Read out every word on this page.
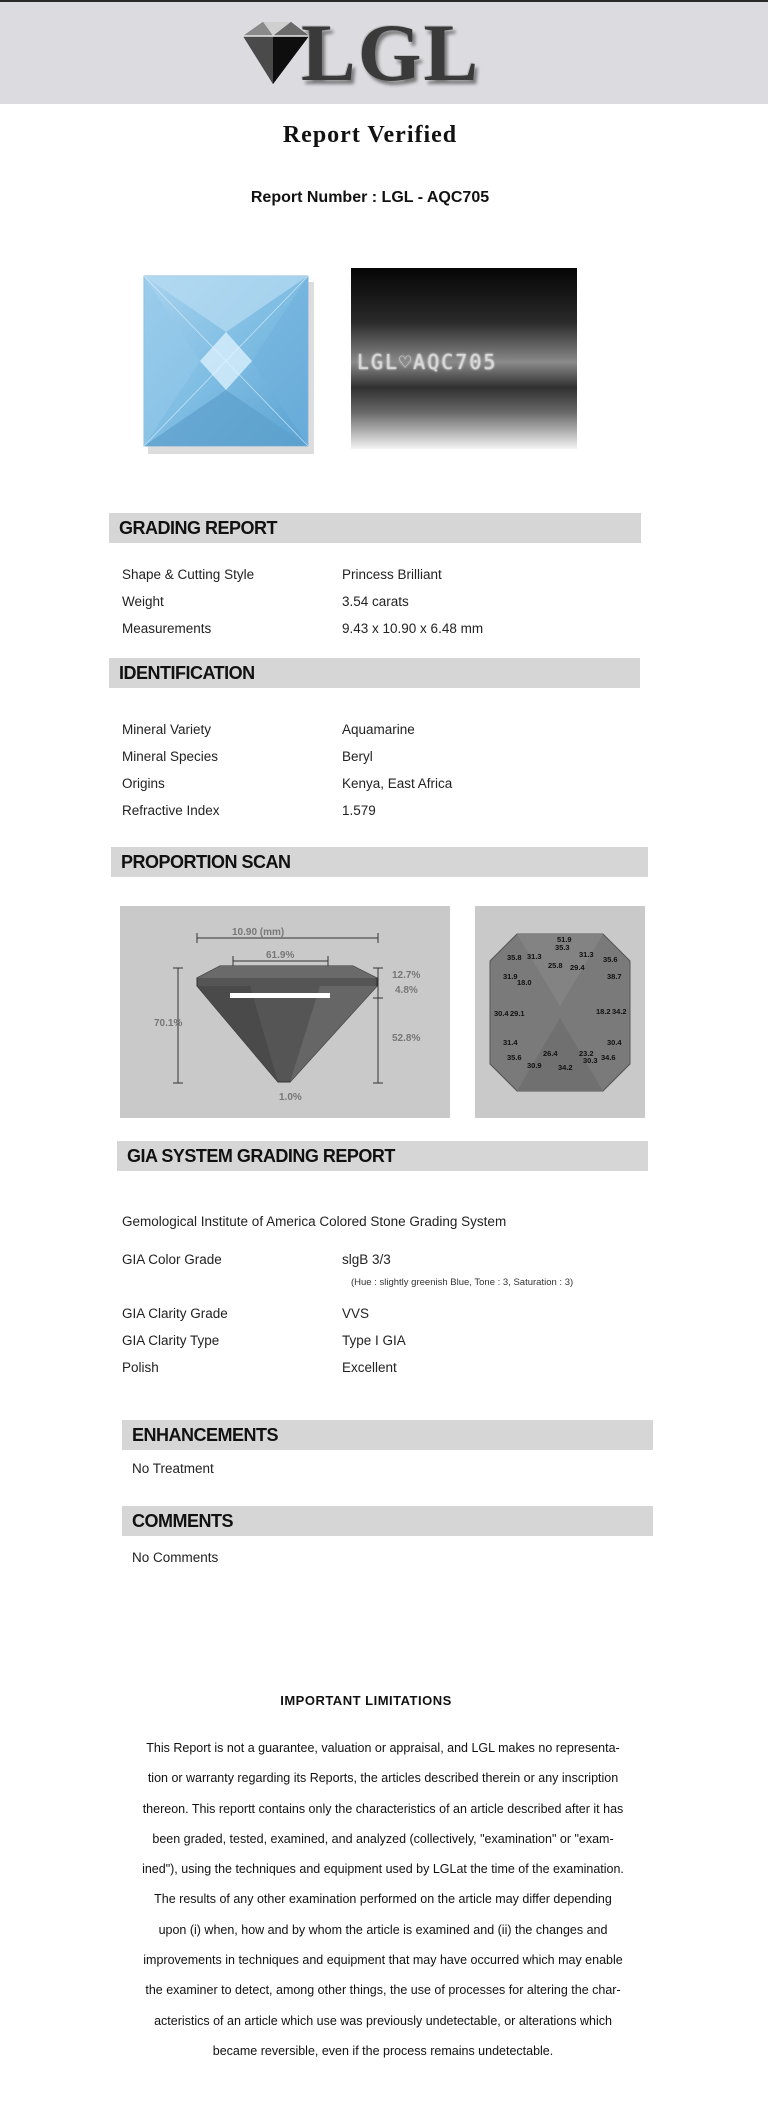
LGL
Report Verified
Report Number : LGL - AQC705
LGL♡AQC705
GRADING REPORT
Shape & Cutting Style	Princess Brilliant
Weight	3.54 carats
Measurements	9.43 x 10.90 x 6.48 mm
IDENTIFICATION
Mineral Variety	Aquamarine
Mineral Species	Beryl
Origins	Kenya, East Africa
Refractive Index	1.579
PROPORTION SCAN
10.90 (mm)
61.9%
70.1%
12.7%
4.8%
52.8%
1.0%
51.9
35.3
35.8 31.3
25.8 29.4
31.3
35.6
31.9
18.0
38.7
30.4 29.1	18.2 34.2
31.4	30.4
26.4	23.2
35.6
30.9 34.2
30.3 34.6
GIA SYSTEM GRADING REPORT
Gemological Institute of America Colored Stone Grading System
GIA Color Grade	slgB 3/3
(Hue : slightly greenish Blue, Tone : 3, Saturation : 3)
GIA Clarity Grade	VVS
GIA Clarity Type	Type I GIA
Polish	Excellent
ENHANCEMENTS
No Treatment
COMMENTS
No Comments
IMPORTANT LIMITATIONS
This Report is not a guarantee, valuation or appraisal, and LGL makes no representa-
tion or warranty regarding its Reports, the articles described therein or any inscription
thereon. This reportt contains only the characteristics of an article described after it has
been graded, tested, examined, and analyzed (collectively, "examination" or "exam-
ined"), using the techniques and equipment used by LGLat the time of the examination.
The results of any other examination performed on the article may differ depending
upon (i) when, how and by whom the article is examined and (ii) the changes and
improvements in techniques and equipment that may have occurred which may enable
the examiner to detect, among other things, the use of processes for altering the char-
acteristics of an article which use was previously undetectable, or alterations which
became reversible, even if the process remains undetectable.
